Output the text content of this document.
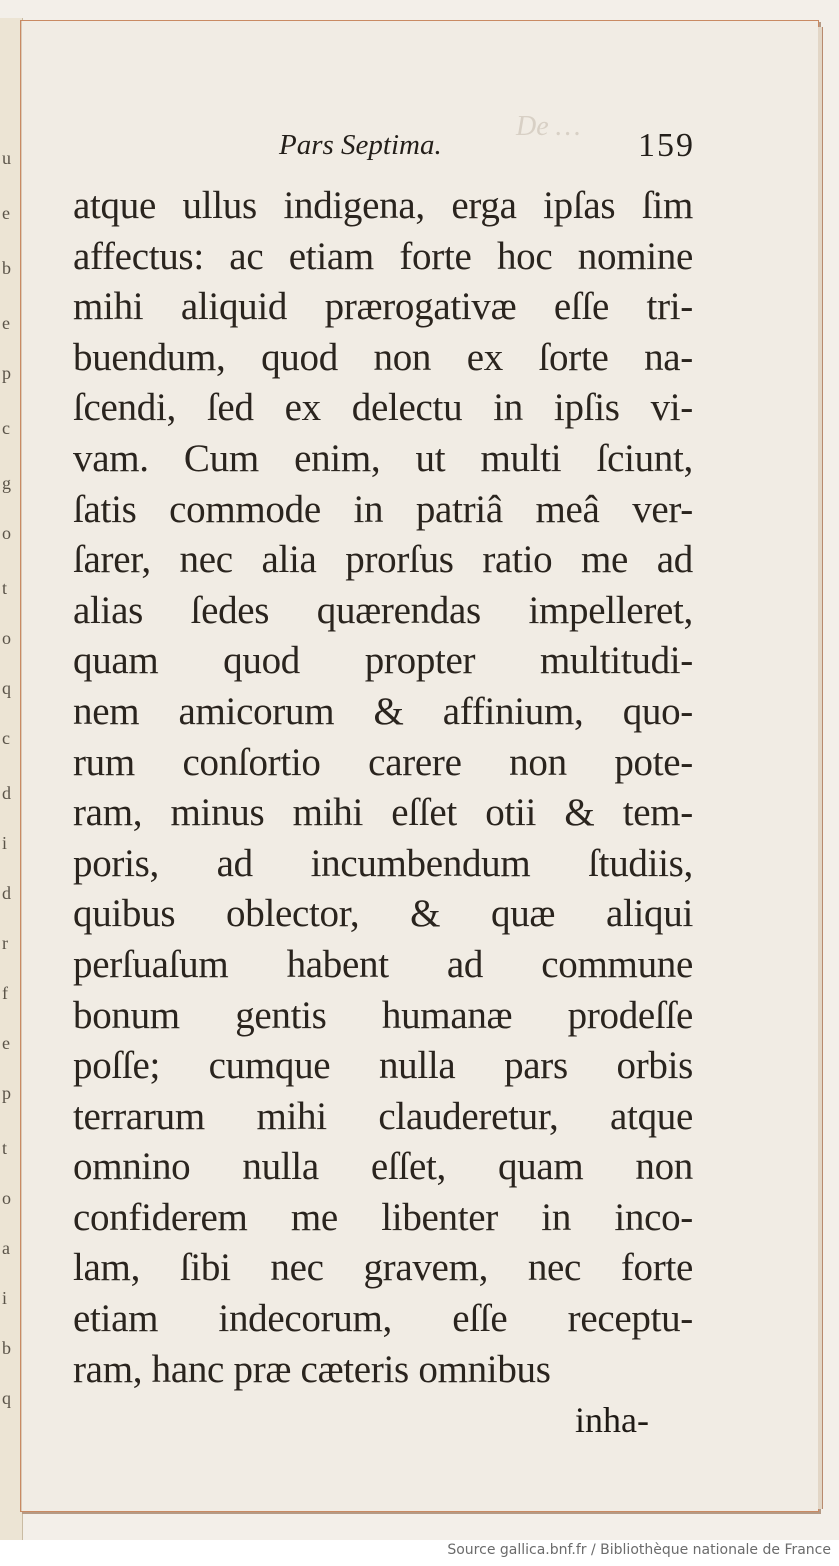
u
e
b
e
p
c
g
o
t
o
q
c
d
i
d
r
f
e
p
t
o
a
i
b
q
De …
Pars Septima.	159
atque ullus indigena, erga ipſas ſim
affectus: ac etiam forte hoc nomine
mihi aliquid prærogativæ eſſe tri-
buendum, quod non ex ſorte na-
ſcendi, ſed ex delectu in ipſis vi-
vam. Cum enim, ut multi ſciunt,
ſatis commode in patriâ meâ ver-
ſarer, nec alia prorſus ratio me ad
alias ſedes quærendas impelleret,
quam quod propter multitudi-
nem amicorum & affinium, quo-
rum conſortio carere non pote-
ram, minus mihi eſſet otii & tem-
poris, ad incumbendum ſtudiis,
quibus oblector, & quæ aliqui
perſuaſum habent ad commune
bonum gentis humanæ prodeſſe
poſſe; cumque nulla pars orbis
terrarum mihi clauderetur, atque
omnino nulla eſſet, quam non
confiderem me libenter in inco-
lam, ſibi nec gravem, nec forte
etiam indecorum, eſſe receptu-
ram, hanc præ cæteris omnibus
inha-
Source gallica.bnf.fr / Bibliothèque nationale de France
